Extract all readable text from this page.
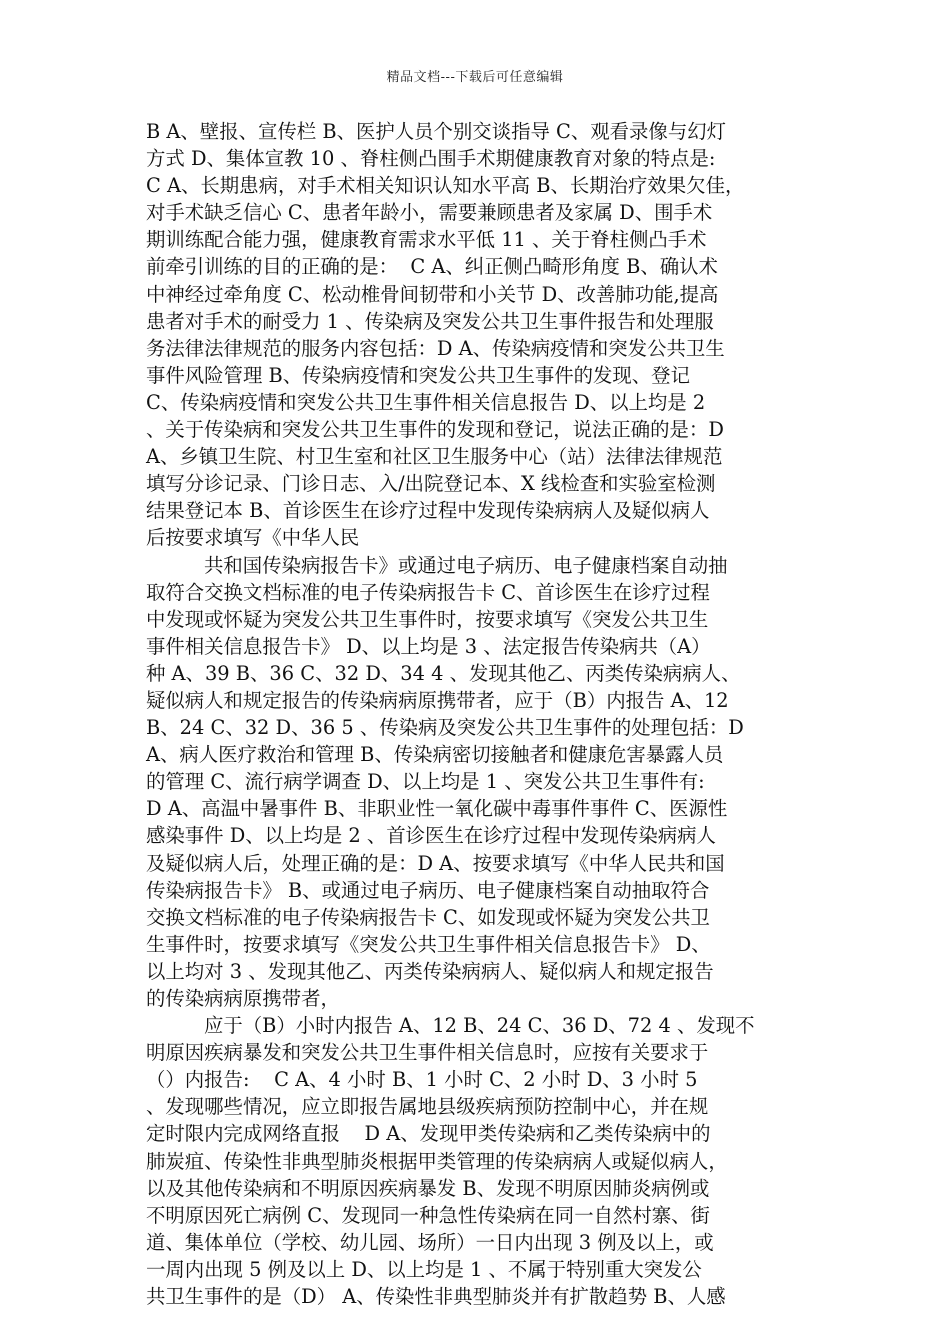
精品文档---下载后可任意编辑
B A、壁报、宣传栏 B、医护人员个别交谈指导 C、观看录像与幻灯
方式 D、集体宣教 10 、脊柱侧凸围手术期健康教育对象的特点是:
C A、长期患病，对手术相关知识认知水平高 B、长期治疗效果欠佳，
对手术缺乏信心 C、患者年龄小，需要兼顾患者及家属 D、围手术
期训练配合能力强，健康教育需求水平低 11 、关于脊柱侧凸手术
前牵引训练的目的正确的是：  C A、纠正侧凸畸形角度 B、确认术
中神经过牵角度 C、松动椎骨间韧带和小关节 D、改善肺功能,提高
患者对手术的耐受力 1 、传染病及突发公共卫生事件报告和处理服
务法律法律规范的服务内容包括：D A、传染病疫情和突发公共卫生
事件风险管理 B、传染病疫情和突发公共卫生事件的发现、登记
C、传染病疫情和突发公共卫生事件相关信息报告 D、以上均是 2
、关于传染病和突发公共卫生事件的发现和登记，说法正确的是：D
A、乡镇卫生院、村卫生室和社区卫生服务中心（站）法律法律规范
填写分诊记录、门诊日志、入/出院登记本、X 线检查和实验室检测
结果登记本 B、首诊医生在诊疗过程中发现传染病病人及疑似病人
后按要求填写《中华人民
共和国传染病报告卡》或通过电子病历、电子健康档案自动抽
取符合交换文档标准的电子传染病报告卡 C、首诊医生在诊疗过程
中发现或怀疑为突发公共卫生事件时，按要求填写《突发公共卫生
事件相关信息报告卡》 D、以上均是 3 、法定报告传染病共（A）
种 A、39 B、36 C、32 D、34 4 、发现其他乙、丙类传染病病人、
疑似病人和规定报告的传染病病原携带者，应于（B）内报告 A、12
B、24 C、32 D、36 5 、传染病及突发公共卫生事件的处理包括：D
A、病人医疗救治和管理 B、传染病密切接触者和健康危害暴露人员
的管理 C、流行病学调查 D、以上均是 1 、突发公共卫生事件有:
D A、高温中暑事件 B、非职业性一氧化碳中毒事件事件 C、医源性
感染事件 D、以上均是 2 、首诊医生在诊疗过程中发现传染病病人
及疑似病人后，处理正确的是：D A、按要求填写《中华人民共和国
传染病报告卡》 B、或通过电子病历、电子健康档案自动抽取符合
交换文档标准的电子传染病报告卡 C、如发现或怀疑为突发公共卫
生事件时，按要求填写《突发公共卫生事件相关信息报告卡》 D、
以上均对 3 、发现其他乙、丙类传染病病人、疑似病人和规定报告
的传染病病原携带者，
应于（B）小时内报告 A、12 B、24 C、36 D、72 4 、发现不
明原因疾病暴发和突发公共卫生事件相关信息时，应按有关要求于
（）内报告:    C A、4 小时 B、1 小时 C、2 小时 D、3 小时 5
、发现哪些情况，应立即报告属地县级疾病预防控制中心，并在规
定时限内完成网络直报    D A、发现甲类传染病和乙类传染病中的
肺炭疽、传染性非典型肺炎根据甲类管理的传染病病人或疑似病人，
以及其他传染病和不明原因疾病暴发 B、发现不明原因肺炎病例或
不明原因死亡病例 C、发现同一种急性传染病在同一自然村寨、街
道、集体单位（学校、幼儿园、场所）一日内出现 3 例及以上，或
一周内出现 5 例及以上 D、以上均是 1 、不属于特别重大突发公
共卫生事件的是（D） A、传染性非典型肺炎并有扩散趋势 B、人感
